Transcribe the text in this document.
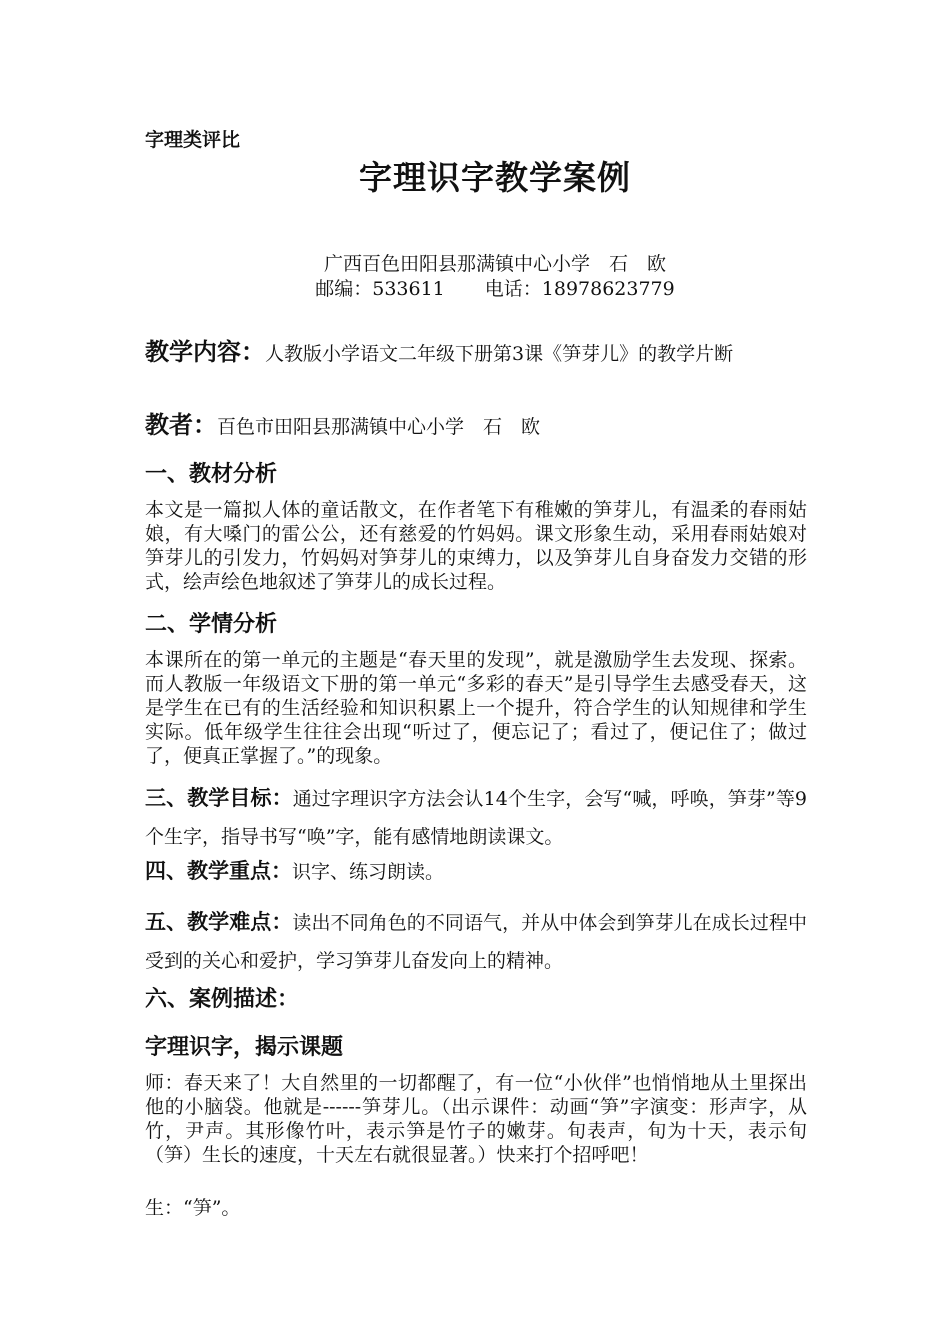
字理类评比
字理识字教学案例
广西百色田阳县那满镇中心小学　石　欧
邮编：533611 电话：18978623779
教学内容：人教版小学语文二年级下册第3课《笋芽儿》的教学片断
教者：百色市田阳县那满镇中心小学　石　欧
一、教材分析
本文是一篇拟人体的童话散文，在作者笔下有稚嫩的笋芽儿，有温柔的春雨姑娘，有大嗓门的雷公公，还有慈爱的竹妈妈。课文形象生动，采用春雨姑娘对笋芽儿的引发力，竹妈妈对笋芽儿的束缚力，以及笋芽儿自身奋发力交错的形式，绘声绘色地叙述了笋芽儿的成长过程。
二、学情分析
本课所在的第一单元的主题是“春天里的发现”，就是激励学生去发现、探索。而人教版一年级语文下册的第一单元“多彩的春天”是引导学生去感受春天，这是学生在已有的生活经验和知识积累上一个提升，符合学生的认知规律和学生实际。低年级学生往往会出现“听过了，便忘记了；看过了，便记住了；做过了，便真正掌握了。”的现象。
三、教学目标：通过字理识字方法会认14个生字，会写“喊，呼唤，笋芽”等9个生字，指导书写“唤”字，能有感情地朗读课文。
四、教学重点：识字、练习朗读。
五、教学难点：读出不同角色的不同语气，并从中体会到笋芽儿在成长过程中受到的关心和爱护，学习笋芽儿奋发向上的精神。
六、案例描述：
字理识字，揭示课题
师：春天来了！大自然里的一切都醒了，有一位“小伙伴”也悄悄地从土里探出他的小脑袋。他就是------笋芽儿。（出示课件：动画“笋”字演变：形声字，从竹，尹声。其形像竹叶，表示笋是竹子的嫩芽。旬表声，旬为十天，表示旬（笋）生长的速度，十天左右就很显著。）快来打个招呼吧！
生：“笋”。
